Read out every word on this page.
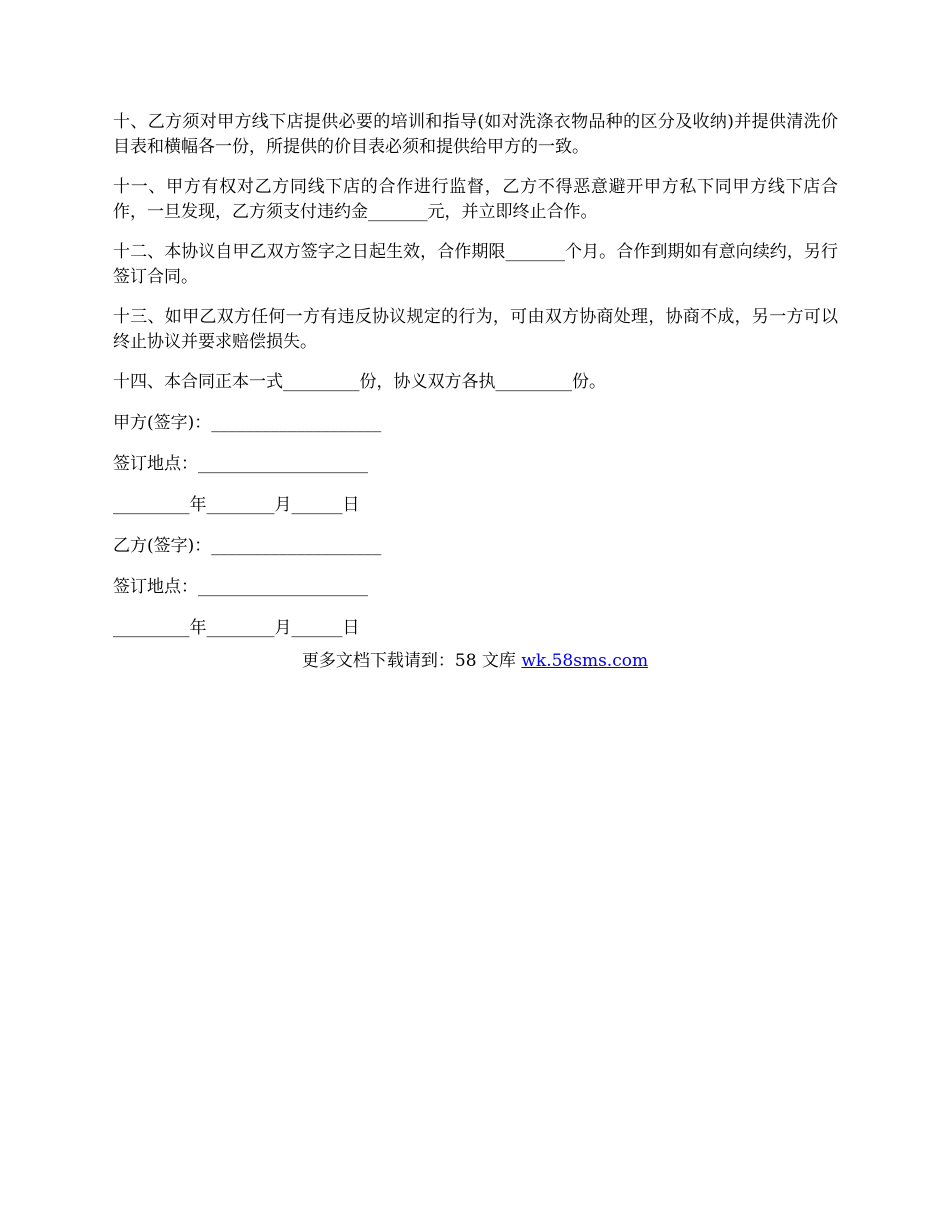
十、乙方须对甲方线下店提供必要的培训和指导(如对洗涤衣物品种的区分及收纳)并提供清洗价目表和横幅各一份，所提供的价目表必须和提供给甲方的一致。

十一、甲方有权对乙方同线下店的合作进行监督，乙方不得恶意避开甲方私下同甲方线下店合作，一旦发现，乙方须支付违约金_______元，并立即终止合作。

十二、本协议自甲乙双方签字之日起生效，合作期限_______个月。合作到期如有意向续约，另行签订合同。

十三、如甲乙双方任何一方有违反协议规定的行为，可由双方协商处理，协商不成，另一方可以终止协议并要求赔偿损失。

十四、本合同正本一式_________份，协义双方各执_________份。

甲方(签字)：____________________
签订地点：____________________
_________年________月______日
乙方(签字)：____________________
签订地点：____________________
_________年________月______日
更多文档下载请到：58 文库 wk.58sms.com
